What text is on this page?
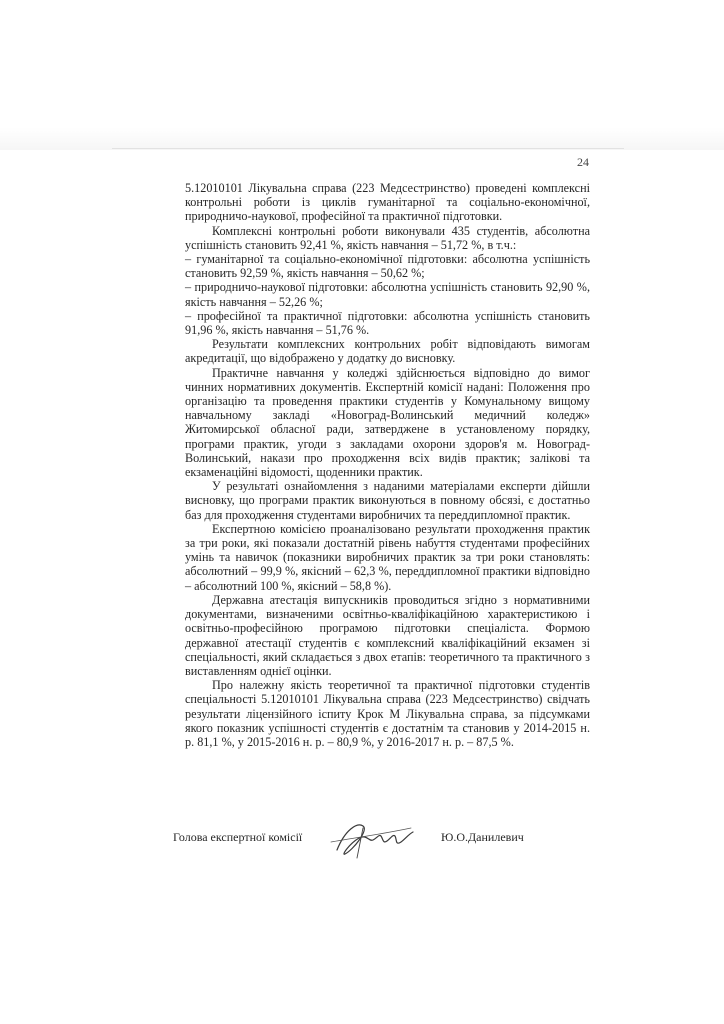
24

5.12010101 Лікувальна справа (223 Медсестринство) проведені комплексні контрольні роботи із циклів гуманітарної та соціально-економічної, природничо-наукової, професійної та практичної підготовки.

Комплексні контрольні роботи виконували 435 студентів, абсолютна успішність становить 92,41 %, якість навчання – 51,72 %, в т.ч.:

– гуманітарної та соціально-економічної підготовки: абсолютна успішність становить 92,59 %, якість навчання – 50,62 %;

– природничо-наукової підготовки: абсолютна успішність становить 92,90 %, якість навчання – 52,26 %;

– професійної та практичної підготовки: абсолютна успішність становить 91,96 %, якість навчання – 51,76 %.

Результати комплексних контрольних робіт відповідають вимогам акредитації, що відображено у додатку до висновку.

Практичне навчання у коледжі здійснюється відповідно до вимог чинних нормативних документів. Експертній комісії надані: Положення про організацію та проведення практики студентів у Комунальному вищому навчальному закладі «Новоград-Волинський медичний коледж» Житомирської обласної ради, затверджене в установленому порядку, програми практик, угоди з закладами охорони здоров'я м. Новоград-Волинський, накази про проходження всіх видів практик; залікові та екзаменаційні відомості, щоденники практик.

У результаті ознайомлення з наданими матеріалами експерти дійшли висновку, що програми практик виконуються в повному обсязі, є достатньо баз для проходження студентами виробничих та переддипломної практик.

Експертною комісією проаналізовано результати проходження практик за три роки, які показали достатній рівень набуття студентами професійних умінь та навичок (показники виробничих практик за три роки становлять: абсолютний – 99,9 %, якісний – 62,3 %, переддипломної практики відповідно – абсолютний 100 %, якісний – 58,8 %).

Державна атестація випускників проводиться згідно з нормативними документами, визначеними освітньо-кваліфікаційною характеристикою і освітньо-професійною програмою підготовки спеціаліста. Формою державної атестації студентів є комплексний кваліфікаційний екзамен зі спеціальності, який складається з двох етапів: теоретичного та практичного з виставленням однієї оцінки.

Про належну якість теоретичної та практичної підготовки студентів спеціальності 5.12010101 Лікувальна справа (223 Медсестринство) свідчать результати ліцензійного іспиту Крок М Лікувальна справа, за підсумками якого показник успішності студентів є достатнім та становив у 2014-2015 н. р. 81,1 %, у 2015-2016 н. р. – 80,9 %, у 2016-2017 н. р. – 87,5 %.

Голова експертної комісії	Ю.О.Данилевич
